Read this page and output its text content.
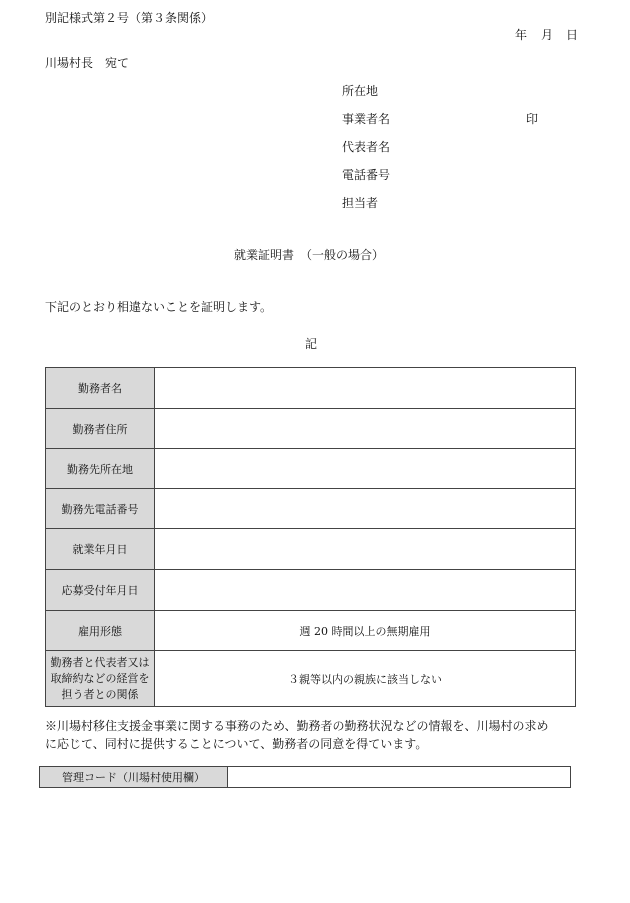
別記様式第２号（第３条関係）
年 月 日
川場村長　宛て
所在地
事業者名	印
代表者名
電話番号
担当者
就業証明書　（一般の場合）
下記のとおり相違ないことを証明します。
記
勤務者名	
勤務者住所	
勤務先所在地	
勤務先電話番号	
就業年月日	
応募受付年月日	
雇用形態	週 20 時間以上の無期雇用

勤務者と代表者又は
取締約などの経営を
担う者との関係	３親等以内の親族に該当しない
※川場村移住支援金事業に関する事務のため、勤務者の勤務状況などの情報を、川場村の求め
に応じて、同村に提供することについて、勤務者の同意を得ています。
管理コード（川場村使用欄）
